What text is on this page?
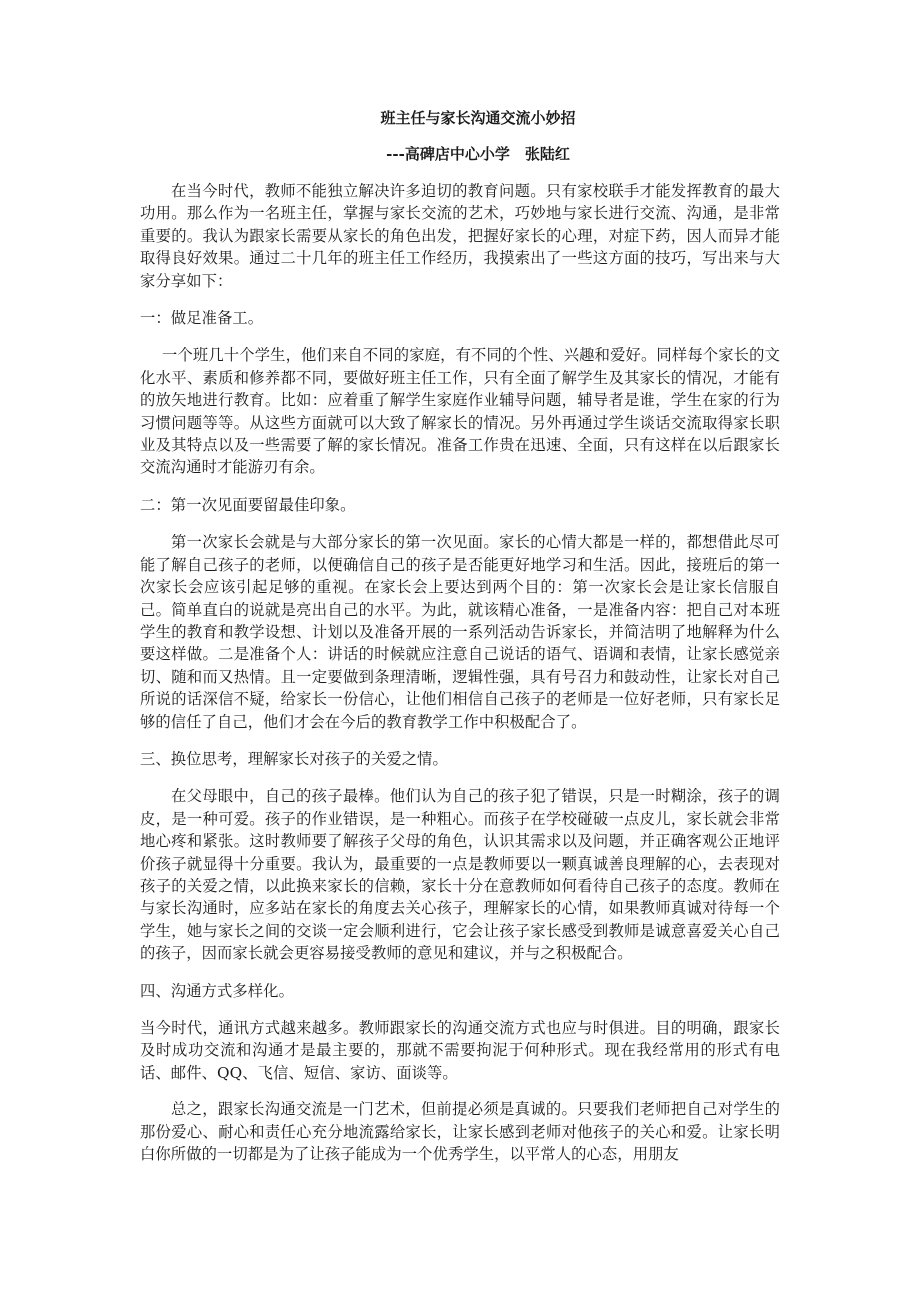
班主任与家长沟通交流小妙招
---高碑店中心小学　张陆红

在当今时代，教师不能独立解决许多迫切的教育问题。只有家校联手才能发挥教育的最大功用。那么作为一名班主任，掌握与家长交流的艺术，巧妙地与家长进行交流、沟通，是非常重要的。我认为跟家长需要从家长的角色出发，把握好家长的心理，对症下药，因人而异才能取得良好效果。通过二十几年的班主任工作经历，我摸索出了一些这方面的技巧，写出来与大家分享如下：

一：做足准备工。

一个班几十个学生，他们来自不同的家庭，有不同的个性、兴趣和爱好。同样每个家长的文化水平、素质和修养都不同，要做好班主任工作，只有全面了解学生及其家长的情况，才能有的放矢地进行教育。比如：应着重了解学生家庭作业辅导问题，辅导者是谁，学生在家的行为习惯问题等等。从这些方面就可以大致了解家长的情况。另外再通过学生谈话交流取得家长职业及其特点以及一些需要了解的家长情况。准备工作贵在迅速、全面，只有这样在以后跟家长交流沟通时才能游刃有余。

二：第一次见面要留最佳印象。

第一次家长会就是与大部分家长的第一次见面。家长的心情大都是一样的，都想借此尽可能了解自己孩子的老师，以便确信自己的孩子是否能更好地学习和生活。因此，接班后的第一次家长会应该引起足够的重视。在家长会上要达到两个目的：第一次家长会是让家长信服自己。简单直白的说就是亮出自己的水平。为此，就该精心准备，一是准备内容：把自己对本班学生的教育和教学设想、计划以及准备开展的一系列活动告诉家长，并简洁明了地解释为什么要这样做。二是准备个人：讲话的时候就应注意自己说话的语气、语调和表情，让家长感觉亲切、随和而又热情。且一定要做到条理清晰，逻辑性强，具有号召力和鼓动性，让家长对自己所说的话深信不疑，给家长一份信心，让他们相信自己孩子的老师是一位好老师，只有家长足够的信任了自己，他们才会在今后的教育教学工作中积极配合了。

三、换位思考，理解家长对孩子的关爱之情。

在父母眼中，自己的孩子最棒。他们认为自己的孩子犯了错误，只是一时糊涂，孩子的调皮，是一种可爱。孩子的作业错误，是一种粗心。而孩子在学校碰破一点皮儿，家长就会非常地心疼和紧张。这时教师要了解孩子父母的角色，认识其需求以及问题，并正确客观公正地评价孩子就显得十分重要。我认为，最重要的一点是教师要以一颗真诚善良理解的心，去表现对孩子的关爱之情，以此换来家长的信赖，家长十分在意教师如何看待自己孩子的态度。教师在与家长沟通时，应多站在家长的角度去关心孩子，理解家长的心情，如果教师真诚对待每一个学生，她与家长之间的交谈一定会顺利进行，它会让孩子家长感受到教师是诚意喜爱关心自己的孩子，因而家长就会更容易接受教师的意见和建议，并与之积极配合。

四、沟通方式多样化。

当今时代，通讯方式越来越多。教师跟家长的沟通交流方式也应与时俱进。目的明确，跟家长及时成功交流和沟通才是最主要的，那就不需要拘泥于何种形式。现在我经常用的形式有电话、邮件、QQ、飞信、短信、家访、面谈等。

总之，跟家长沟通交流是一门艺术，但前提必须是真诚的。只要我们老师把自己对学生的那份爱心、耐心和责任心充分地流露给家长，让家长感到老师对他孩子的关心和爱。让家长明白你所做的一切都是为了让孩子能成为一个优秀学生，以平常人的心态，用朋友
